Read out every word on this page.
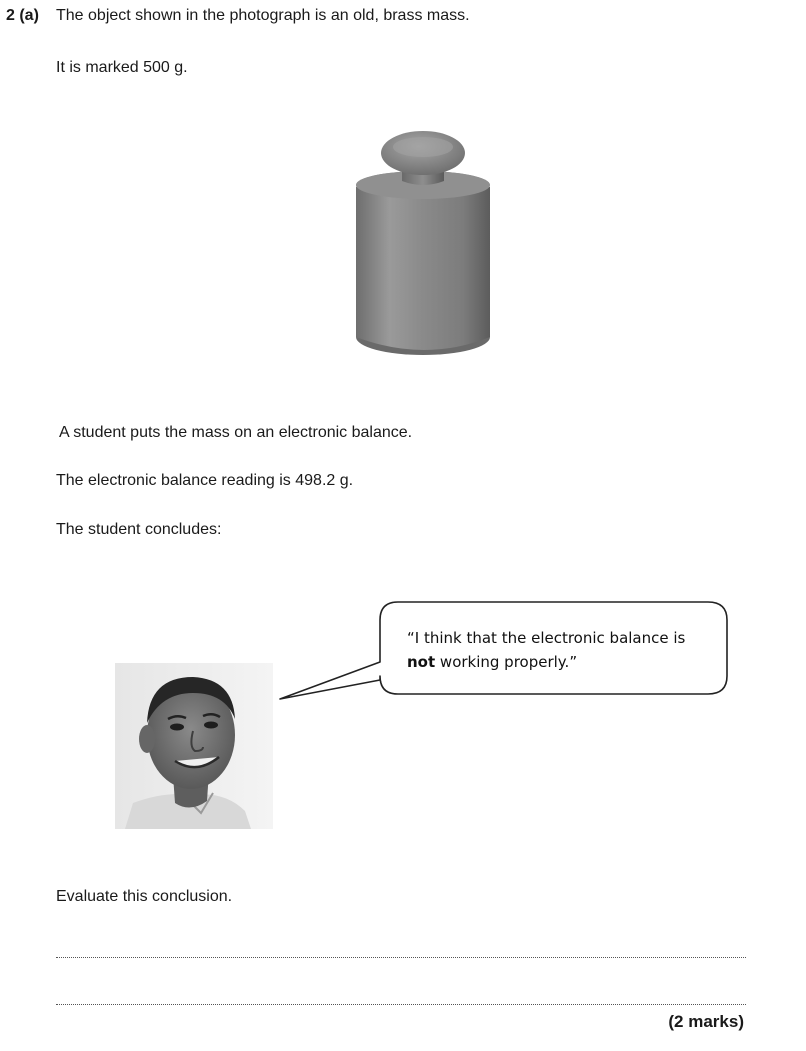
2 (a) The object shown in the photograph is an old, brass mass.
It is marked 500 g.
A student puts the mass on an electronic balance.
The electronic balance reading is 498.2 g.
The student concludes:
“I think that the electronic balance is not working properly.”
Evaluate this conclusion.
(2 marks)
